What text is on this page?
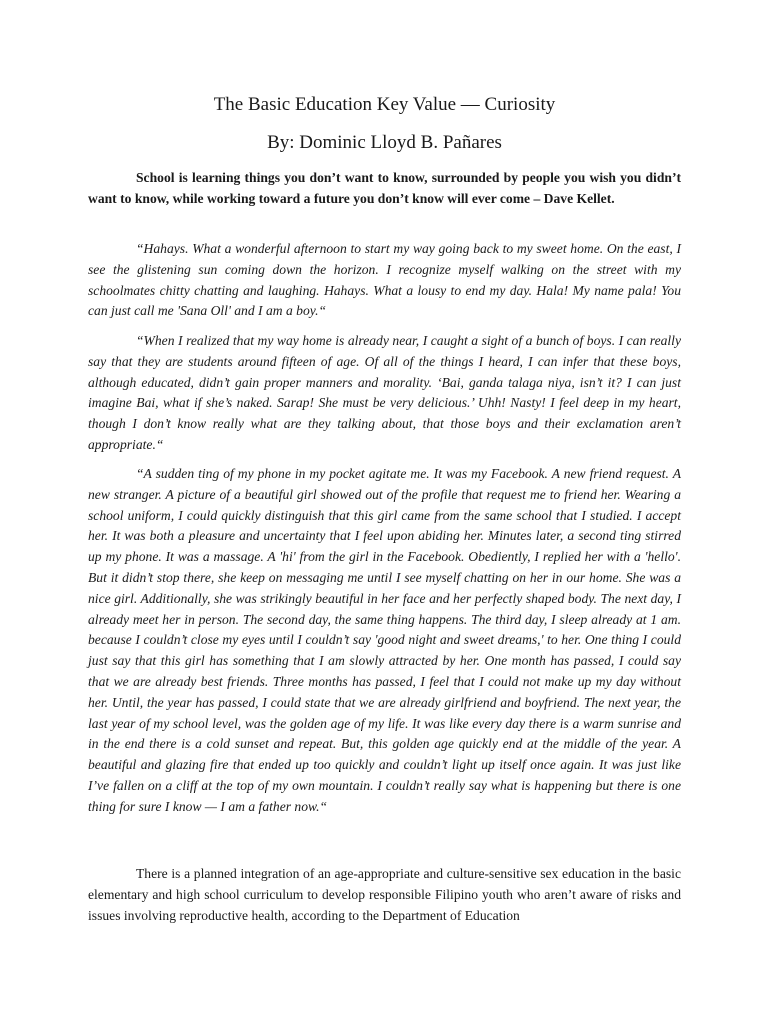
The Basic Education Key Value — Curiosity
By: Dominic Lloyd B. Pañares

School is learning things you don’t want to know, surrounded by people you wish you didn’t want to know, while working toward a future you don’t know will ever come – Dave Kellet.

“Hahays. What a wonderful afternoon to start my way going back to my sweet home. On the east, I see the glistening sun coming down the horizon. I recognize myself walking on the street with my schoolmates chitty chatting and laughing. Hahays. What a lousy to end my day. Hala! My name pala! You can just call me 'Sana Oll' and I am a boy.“

“When I realized that my way home is already near, I caught a sight of a bunch of boys. I can really say that they are students around fifteen of age. Of all of the things I heard, I can infer that these boys, although educated, didn’t gain proper manners and morality. ‘Bai, ganda talaga niya, isn’t it? I can just imagine Bai, what if she’s naked. Sarap! She must be very delicious.’ Uhh! Nasty! I feel deep in my heart, though I don’t know really what are they talking about, that those boys and their exclamation aren’t appropriate.“

“A sudden ting of my phone in my pocket agitate me. It was my Facebook. A new friend request. A new stranger. A picture of a beautiful girl showed out of the profile that request me to friend her. Wearing a school uniform, I could quickly distinguish that this girl came from the same school that I studied. I accept her. It was both a pleasure and uncertainty that I feel upon abiding her. Minutes later, a second ting stirred up my phone. It was a massage. A 'hi' from the girl in the Facebook. Obediently, I replied her with a 'hello'. But it didn’t stop there, she keep on messaging me until I see myself chatting on her in our home. She was a nice girl. Additionally, she was strikingly beautiful in her face and her perfectly shaped body. The next day, I already meet her in person. The second day, the same thing happens. The third day, I sleep already at 1 am. because I couldn’t close my eyes until I couldn’t say 'good night and sweet dreams,' to her. One thing I could just say that this girl has something that I am slowly attracted by her. One month has passed, I could say that we are already best friends. Three months has passed, I feel that I could not make up my day without her. Until, the year has passed, I could state that we are already girlfriend and boyfriend. The next year, the last year of my school level, was the golden age of my life. It was like every day there is a warm sunrise and in the end there is a cold sunset and repeat. But, this golden age quickly end at the middle of the year. A beautiful and glazing fire that ended up too quickly and couldn’t light up itself once again. It was just like I’ve fallen on a cliff at the top of my own mountain. I couldn’t really say what is happening but there is one thing for sure I know — I am a father now.“

There is a planned integration of an age-appropriate and culture-sensitive sex education in the basic elementary and high school curriculum to develop responsible Filipino youth who aren’t aware of risks and issues involving reproductive health, according to the Department of Education
